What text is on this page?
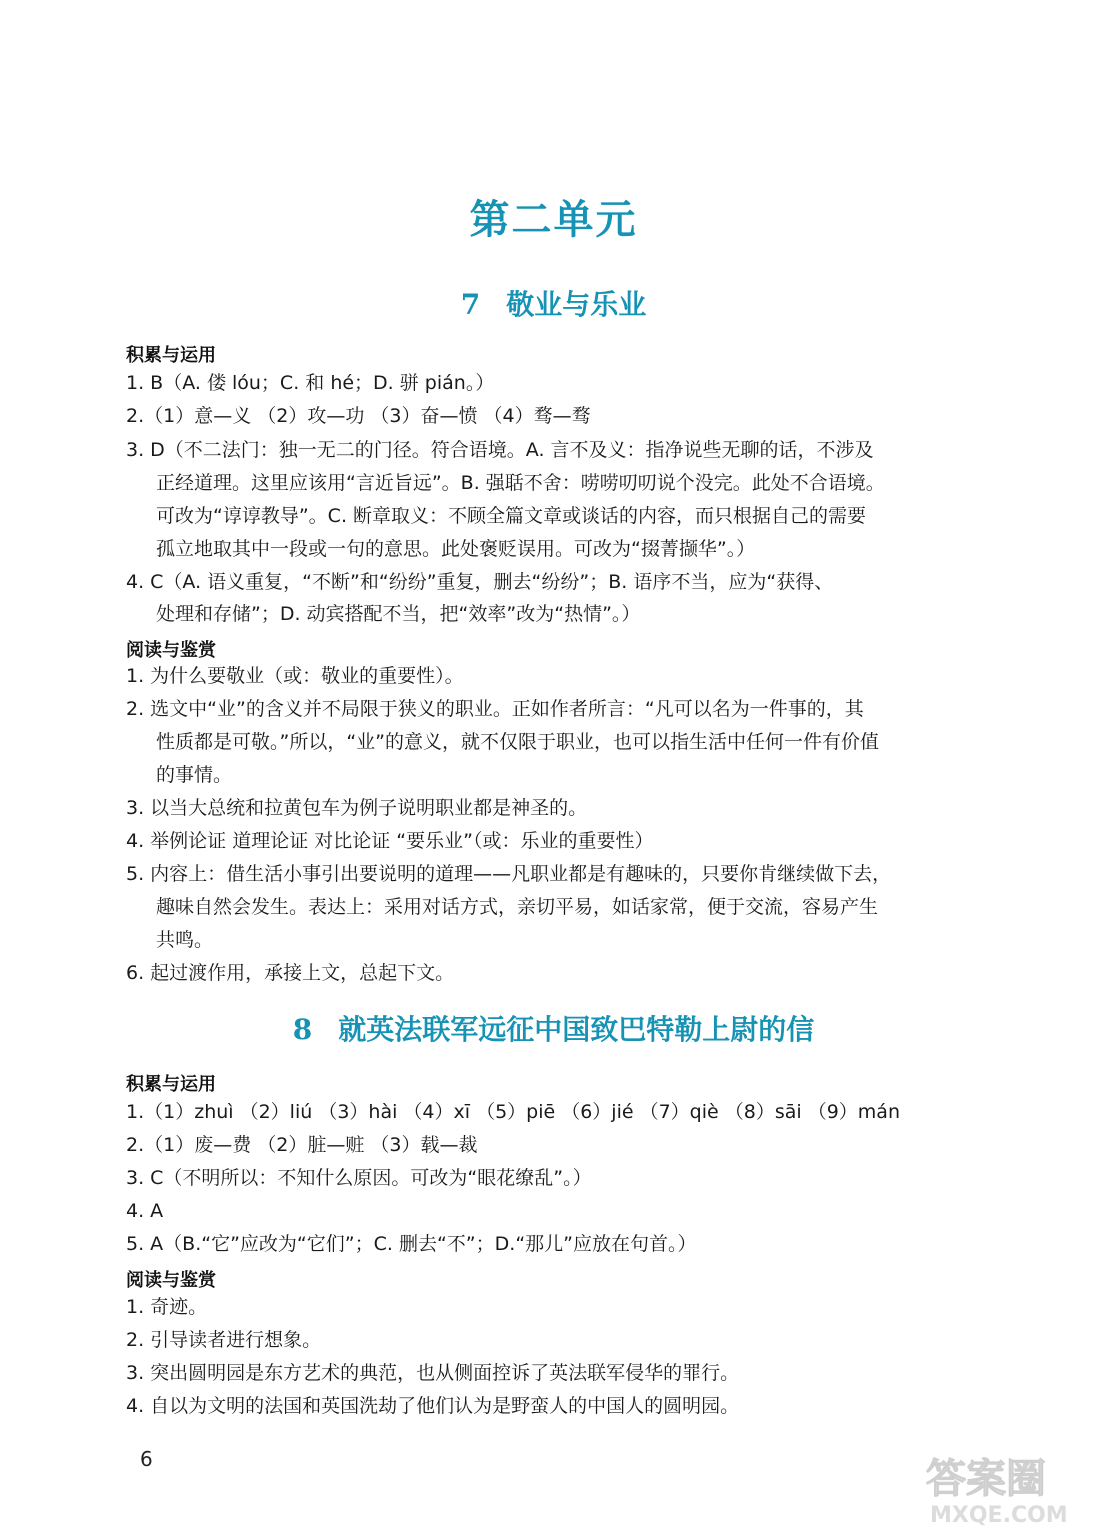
第二单元
7 敬业与乐业
积累与运用
1. B（A. 偻 lóu；C. 和 hé；D. 骈 pián。）
2.（1）意—义 （2）攻—功 （3）奋—愤 （4）骛—骛
3. D（不二法门：独一无二的门径。符合语境。A. 言不及义：指净说些无聊的话，不涉及
正经道理。这里应该用“言近旨远”。B. 强聒不舍：唠唠叨叨说个没完。此处不合语境。
可改为“谆谆教导”。C. 断章取义：不顾全篇文章或谈话的内容，而只根据自己的需要
孤立地取其中一段或一句的意思。此处褒贬误用。可改为“掇菁撷华”。）
4. C（A. 语义重复，“不断”和“纷纷”重复，删去“纷纷”；B. 语序不当，应为“获得、
处理和存储”；D. 动宾搭配不当，把“效率”改为“热情”。）
阅读与鉴赏
1. 为什么要敬业（或：敬业的重要性）。
2. 选文中“业”的含义并不局限于狭义的职业。正如作者所言：“凡可以名为一件事的，其
性质都是可敬。”所以，“业”的意义，就不仅限于职业，也可以指生活中任何一件有价值
的事情。
3. 以当大总统和拉黄包车为例子说明职业都是神圣的。
4. 举例论证 道理论证 对比论证 “要乐业”（或：乐业的重要性）
5. 内容上：借生活小事引出要说明的道理——凡职业都是有趣味的，只要你肯继续做下去，
趣味自然会发生。表达上：采用对话方式，亲切平易，如话家常，便于交流，容易产生
共鸣。
6. 起过渡作用，承接上文，总起下文。
8 就英法联军远征中国致巴特勒上尉的信
积累与运用
1.（1）zhuì （2）liú （3）hài （4）xī （5）piē （6）jié （7）qiè （8）sāi （9）mán
2.（1）废—费 （2）脏—赃 （3）载—裁
3. C（不明所以：不知什么原因。可改为“眼花缭乱”。）
4. A
5. A（B.“它”应改为“它们”；C. 删去“不”；D.“那儿”应放在句首。）
阅读与鉴赏
1. 奇迹。
2. 引导读者进行想象。
3. 突出圆明园是东方艺术的典范，也从侧面控诉了英法联军侵华的罪行。
4. 自以为文明的法国和英国洗劫了他们认为是野蛮人的中国人的圆明园。
6	答案圈
MXQE.COM
